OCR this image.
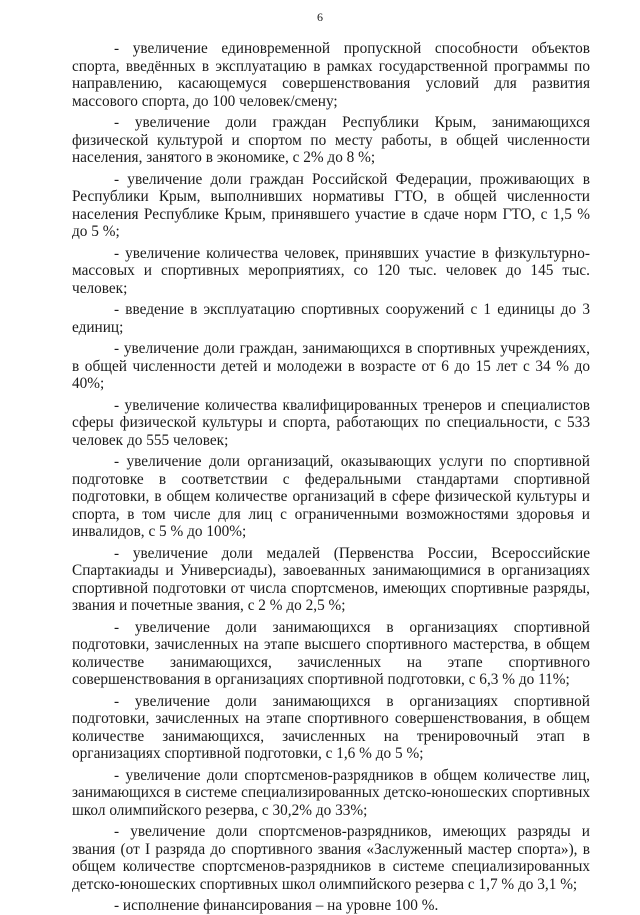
6

- увеличение единовременной пропускной способности объектов спорта, введённых в эксплуатацию в рамках государственной программы по направлению, касающемуся совершенствования условий для развития массового спорта, до 100 человек/смену;

- увеличение доли граждан Республики Крым, занимающихся физической культурой и спортом по месту работы, в общей численности населения, занятого в экономике, с 2% до 8 %;

- увеличение доли граждан Российской Федерации, проживающих в Республики Крым, выполнивших нормативы ГТО, в общей численности населения Республике Крым, принявшего участие в сдаче норм ГТО, с 1,5 % до 5 %;

- увеличение количества человек, принявших участие в физкультурно-массовых и спортивных мероприятиях, со 120 тыс. человек до 145 тыс. человек;

- введение в эксплуатацию спортивных сооружений с 1 единицы до 3 единиц;

- увеличение доли граждан, занимающихся в спортивных учреждениях, в общей численности детей и молодежи в возрасте от 6 до 15 лет с 34 % до 40%;

- увеличение количества квалифицированных тренеров и специалистов сферы физической культуры и спорта, работающих по специальности, с 533 человек до 555 человек;

- увеличение доли организаций, оказывающих услуги по спортивной подготовке в соответствии с федеральными стандартами спортивной подготовки, в общем количестве организаций в сфере физической культуры и спорта, в том числе для лиц с ограниченными возможностями здоровья и инвалидов, с 5 % до 100%;

- увеличение доли медалей (Первенства России, Всероссийские Спартакиады и Универсиады), завоеванных занимающимися в организациях спортивной подготовки от числа спортсменов, имеющих спортивные разряды, звания и почетные звания, с 2 % до 2,5 %;

- увеличение доли занимающихся в организациях спортивной подготовки, зачисленных на этапе высшего спортивного мастерства, в общем количестве занимающихся, зачисленных на этапе спортивного совершенствования в организациях спортивной подготовки, с 6,3 % до 11%;

- увеличение доли занимающихся в организациях спортивной подготовки, зачисленных на этапе спортивного совершенствования, в общем количестве занимающихся, зачисленных на тренировочный этап в организациях спортивной подготовки, с 1,6 % до 5 %;

- увеличение доли спортсменов-разрядников в общем количестве лиц, занимающихся в системе специализированных детско-юношеских спортивных школ олимпийского резерва, с 30,2% до 33%;

- увеличение доли спортсменов-разрядников, имеющих разряды и звания (от I разряда до спортивного звания «Заслуженный мастер спорта»), в общем количестве спортсменов-разрядников в системе специализированных детско-юношеских спортивных школ олимпийского резерва с 1,7 % до 3,1 %;

- исполнение финансирования – на уровне 100 %.
